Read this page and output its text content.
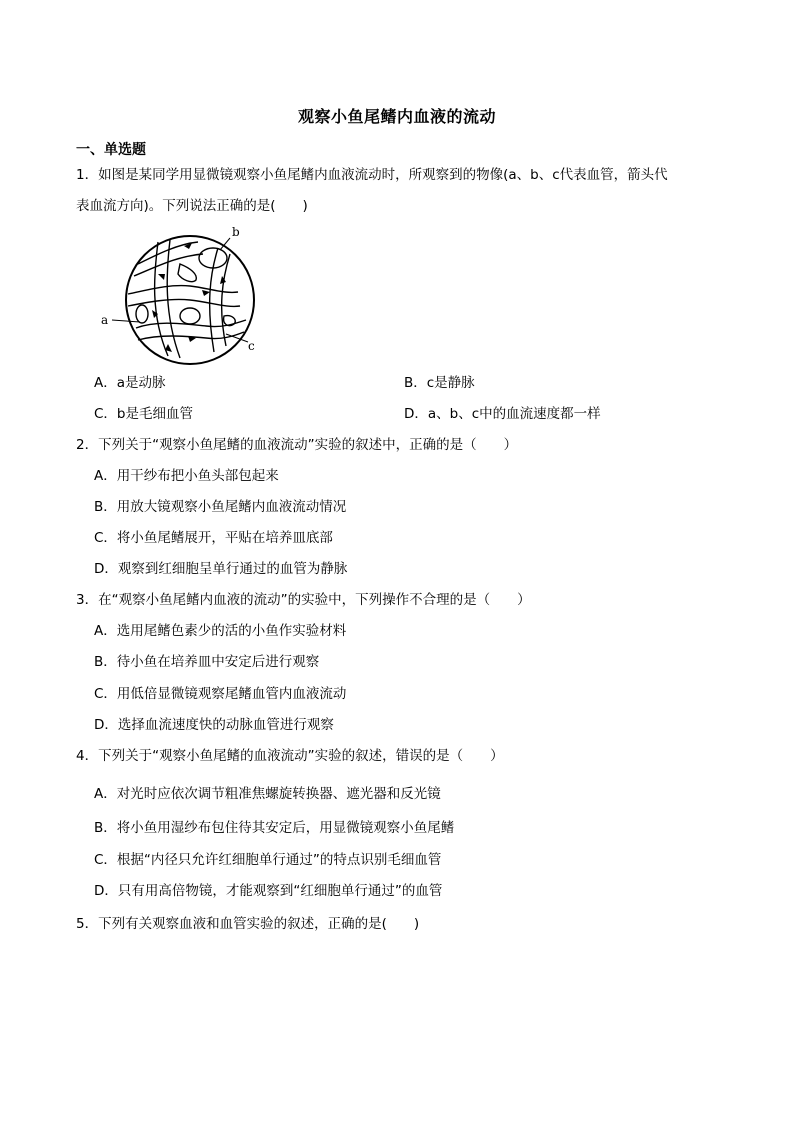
观察小鱼尾鳍内血液的流动
一、单选题
1．如图是某同学用显微镜观察小鱼尾鳍内血液流动时，所观察到的物像(a、b、c代表血管，箭头代
表血流方向)。下列说法正确的是(　　)
b
a
c
A．a是动脉	B．c是静脉
C．b是毛细血管	D．a、b、c中的血流速度都一样
2．下列关于“观察小鱼尾鳍的血液流动”实验的叙述中，正确的是（　　）
A．用干纱布把小鱼头部包起来
B．用放大镜观察小鱼尾鳍内血液流动情况
C．将小鱼尾鳍展开，平贴在培养皿底部
D．观察到红细胞呈单行通过的血管为静脉
3．在“观察小鱼尾鳍内血液的流动”的实验中，下列操作不合理的是（　　）
A．选用尾鳍色素少的活的小鱼作实验材料
B．待小鱼在培养皿中安定后进行观察
C．用低倍显微镜观察尾鳍血管内血液流动
D．选择血流速度快的动脉血管进行观察
4．下列关于“观察小鱼尾鳍的血液流动”实验的叙述，错误的是（　　）
A．对光时应依次调节粗准焦螺旋转换器、遮光器和反光镜
B．将小鱼用湿纱布包住待其安定后，用显微镜观察小鱼尾鳍
C．根据“内径只允许红细胞单行通过”的特点识别毛细血管
D．只有用高倍物镜，才能观察到“红细胞单行通过”的血管
5．下列有关观察血液和血管实验的叙述，正确的是(　　)
